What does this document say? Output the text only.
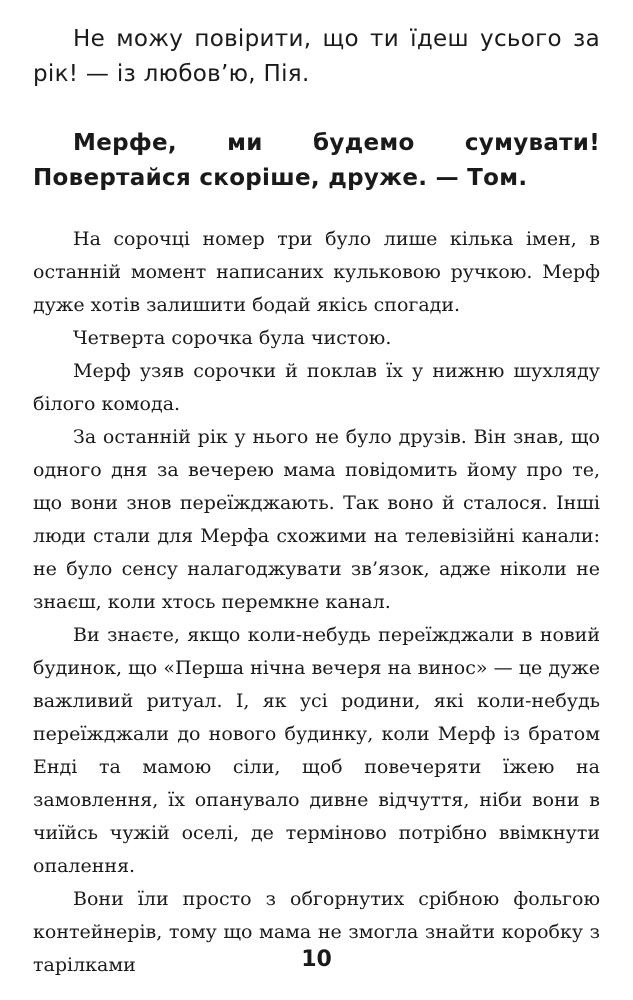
Не можу повірити, що ти їдеш усього за рік! — із любов’ю, Пія.

Мерфе, ми будемо сумувати! Повертайся скоріше, друже. — Том.

На сорочці номер три було лише кілька імен, в останній момент написаних кульковою ручкою. Мерф дуже хотів залишити бодай якісь спогади.

Четверта сорочка була чистою.

Мерф узяв сорочки й поклав їх у нижню шухляду білого комода.

За останній рік у нього не було друзів. Він знав, що одного дня за вечерею мама повідомить йому про те, що вони знов переїжджають. Так воно й сталося. Інші люди стали для Мерфа схожими на телевізійні канали: не було сенсу налагоджувати зв’язок, адже ніколи не знаєш, коли хтось перемкне канал.

Ви знаєте, якщо коли-небудь переїжджали в новий будинок, що «Перша нічна вечеря на винос» — це дуже важливий ритуал. І, як усі родини, які коли-небудь переїжджали до нового будинку, коли Мерф із братом Енді та мамою сіли, щоб повечеряти їжею на замовлення, їх опанувало дивне відчуття, ніби вони в чиїйсь чужій оселі, де терміново потрібно ввімкнути опалення.

Вони їли просто з обгорнутих срібною фольгою контейнерів, тому що мама не змогла знайти коробку з тарілками	10
